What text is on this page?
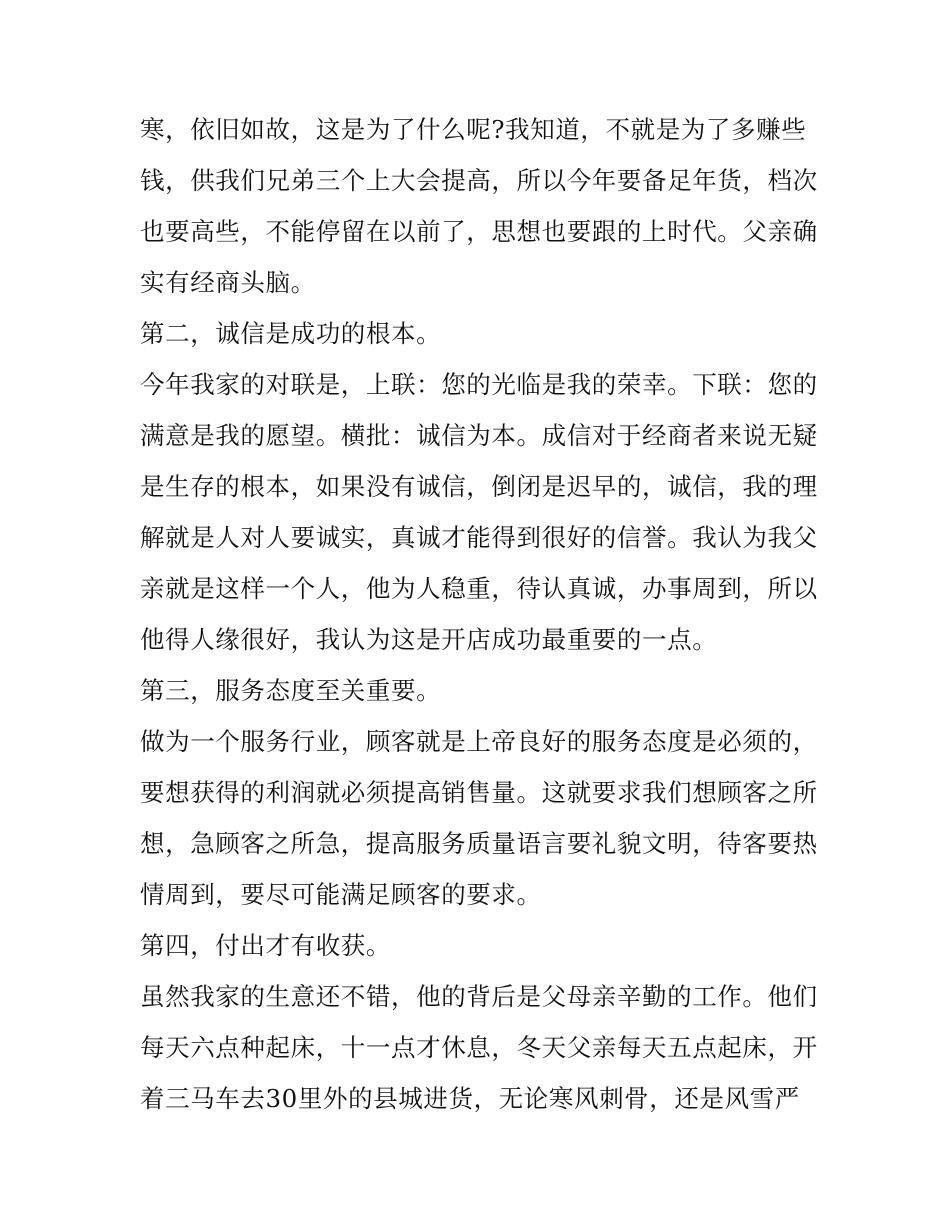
寒，依旧如故，这是为了什么呢?我知道，不就是为了多赚些
钱，供我们兄弟三个上大会提高，所以今年要备足年货，档次
也要高些，不能停留在以前了，思想也要跟的上时代。父亲确
实有经商头脑。
第二，诚信是成功的根本。
今年我家的对联是，上联：您的光临是我的荣幸。下联：您的
满意是我的愿望。横批：诚信为本。成信对于经商者来说无疑
是生存的根本，如果没有诚信，倒闭是迟早的，诚信，我的理
解就是人对人要诚实，真诚才能得到很好的信誉。我认为我父
亲就是这样一个人，他为人稳重，待认真诚，办事周到，所以
他得人缘很好，我认为这是开店成功最重要的一点。
第三，服务态度至关重要。
做为一个服务行业，顾客就是上帝良好的服务态度是必须的，
要想获得的利润就必须提高销售量。这就要求我们想顾客之所
想，急顾客之所急，提高服务质量语言要礼貌文明，待客要热
情周到，要尽可能满足顾客的要求。
第四，付出才有收获。
虽然我家的生意还不错，他的背后是父母亲辛勤的工作。他们
每天六点种起床，十一点才休息，冬天父亲每天五点起床，开
着三马车去30里外的县城进货，无论寒风刺骨，还是风雪严
